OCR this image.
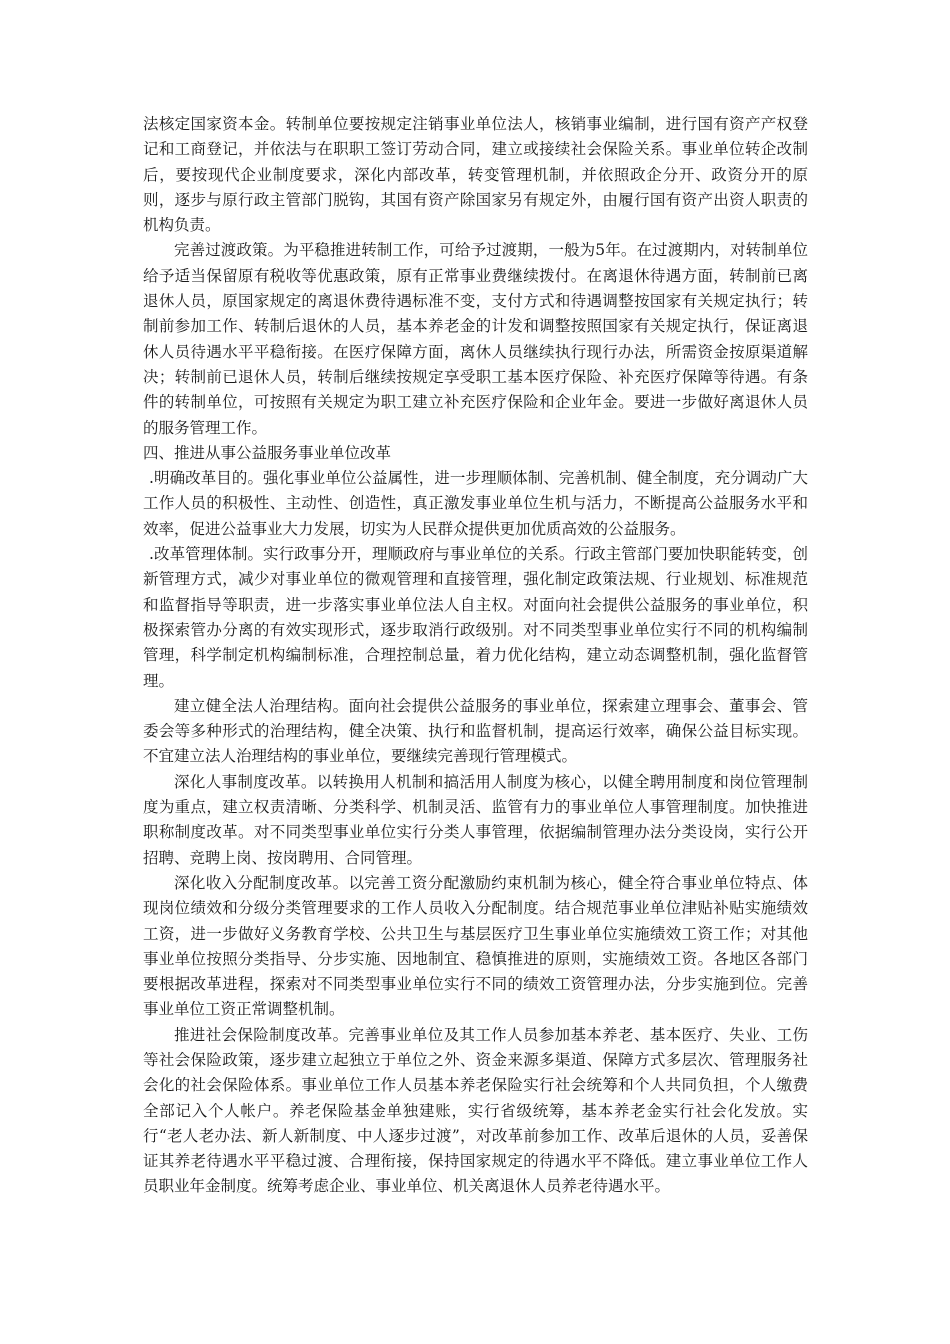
法核定国家资本金。转制单位要按规定注销事业单位法人，核销事业编制，进行国有资产产权登记和工商登记，并依法与在职职工签订劳动合同，建立或接续社会保险关系。事业单位转企改制后，要按现代企业制度要求，深化内部改革，转变管理机制，并依照政企分开、政资分开的原则，逐步与原行政主管部门脱钩，其国有资产除国家另有规定外，由履行国有资产出资人职责的机构负责。

完善过渡政策。为平稳推进转制工作，可给予过渡期，一般为5年。在过渡期内，对转制单位给予适当保留原有税收等优惠政策，原有正常事业费继续拨付。在离退休待遇方面，转制前已离退休人员，原国家规定的离退休费待遇标准不变，支付方式和待遇调整按国家有关规定执行；转制前参加工作、转制后退休的人员，基本养老金的计发和调整按照国家有关规定执行，保证离退休人员待遇水平平稳衔接。在医疗保障方面，离休人员继续执行现行办法，所需资金按原渠道解决；转制前已退休人员，转制后继续按规定享受职工基本医疗保险、补充医疗保障等待遇。有条件的转制单位，可按照有关规定为职工建立补充医疗保险和企业年金。要进一步做好离退休人员的服务管理工作。

四、推进从事公益服务事业单位改革

.明确改革目的。强化事业单位公益属性，进一步理顺体制、完善机制、健全制度，充分调动广大工作人员的积极性、主动性、创造性，真正激发事业单位生机与活力，不断提高公益服务水平和效率，促进公益事业大力发展，切实为人民群众提供更加优质高效的公益服务。

.改革管理体制。实行政事分开，理顺政府与事业单位的关系。行政主管部门要加快职能转变，创新管理方式，减少对事业单位的微观管理和直接管理，强化制定政策法规、行业规划、标准规范和监督指导等职责，进一步落实事业单位法人自主权。对面向社会提供公益服务的事业单位，积极探索管办分离的有效实现形式，逐步取消行政级别。对不同类型事业单位实行不同的机构编制管理，科学制定机构编制标准，合理控制总量，着力优化结构，建立动态调整机制，强化监督管理。

建立健全法人治理结构。面向社会提供公益服务的事业单位，探索建立理事会、董事会、管委会等多种形式的治理结构，健全决策、执行和监督机制，提高运行效率，确保公益目标实现。不宜建立法人治理结构的事业单位，要继续完善现行管理模式。

深化人事制度改革。以转换用人机制和搞活用人制度为核心，以健全聘用制度和岗位管理制度为重点，建立权责清晰、分类科学、机制灵活、监管有力的事业单位人事管理制度。加快推进职称制度改革。对不同类型事业单位实行分类人事管理，依据编制管理办法分类设岗，实行公开招聘、竞聘上岗、按岗聘用、合同管理。

深化收入分配制度改革。以完善工资分配激励约束机制为核心，健全符合事业单位特点、体现岗位绩效和分级分类管理要求的工作人员收入分配制度。结合规范事业单位津贴补贴实施绩效工资，进一步做好义务教育学校、公共卫生与基层医疗卫生事业单位实施绩效工资工作；对其他事业单位按照分类指导、分步实施、因地制宜、稳慎推进的原则，实施绩效工资。各地区各部门要根据改革进程，探索对不同类型事业单位实行不同的绩效工资管理办法，分步实施到位。完善事业单位工资正常调整机制。

推进社会保险制度改革。完善事业单位及其工作人员参加基本养老、基本医疗、失业、工伤等社会保险政策，逐步建立起独立于单位之外、资金来源多渠道、保障方式多层次、管理服务社会化的社会保险体系。事业单位工作人员基本养老保险实行社会统筹和个人共同负担，个人缴费全部记入个人帐户。养老保险基金单独建账，实行省级统筹，基本养老金实行社会化发放。实行“老人老办法、新人新制度、中人逐步过渡”，对改革前参加工作、改革后退休的人员，妥善保证其养老待遇水平平稳过渡、合理衔接，保持国家规定的待遇水平不降低。建立事业单位工作人员职业年金制度。统筹考虑企业、事业单位、机关离退休人员养老待遇水平。
